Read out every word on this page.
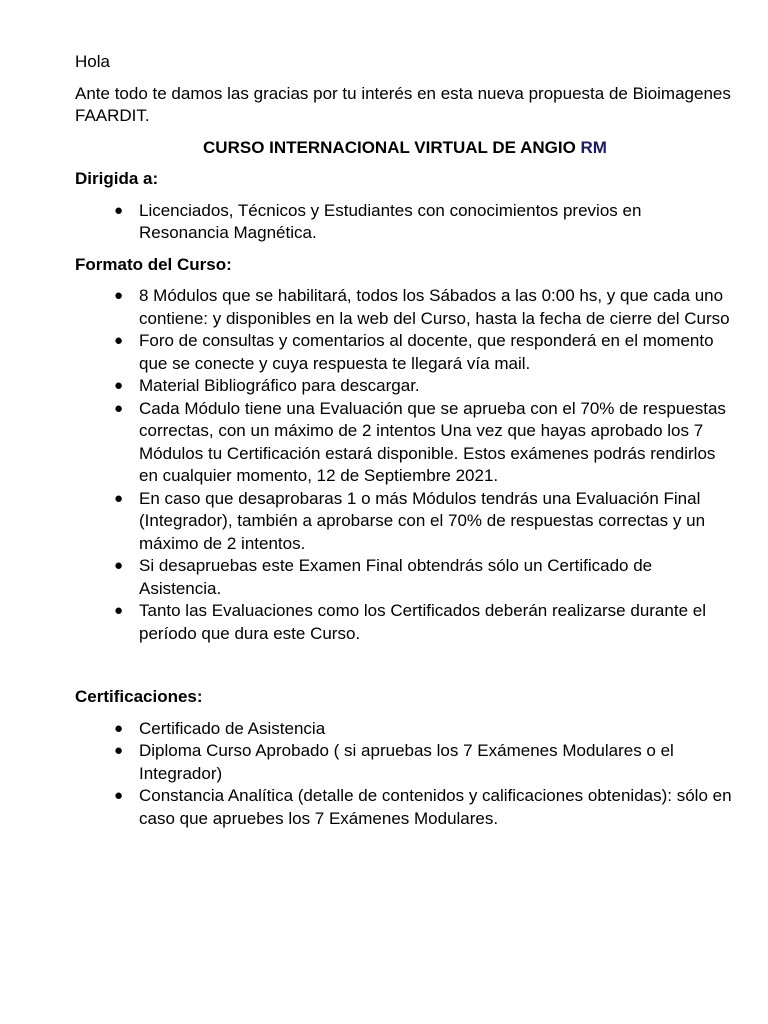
Hola

Ante todo te damos las gracias por tu interés en esta nueva propuesta de Bioimagenes FAARDIT.

CURSO INTERNACIONAL VIRTUAL DE ANGIO RM

Dirigida a:

● Licenciados, Técnicos y Estudiantes con conocimientos previos en Resonancia Magnética.

Formato del Curso:

● 8 Módulos que se habilitará, todos los Sábados a las 0:00 hs, y que cada uno contiene: y disponibles en la web del Curso, hasta la fecha de cierre del Curso
● Foro de consultas y comentarios al docente, que responderá en el momento que se conecte y cuya respuesta te llegará vía mail.
● Material Bibliográfico para descargar.
● Cada Módulo tiene una Evaluación que se aprueba con el 70% de respuestas correctas, con un máximo de 2 intentos Una vez que hayas aprobado los 7 Módulos tu Certificación estará disponible. Estos exámenes podrás rendirlos en cualquier momento, 12 de Septiembre 2021.
● En caso que desaprobaras 1 o más Módulos tendrás una Evaluación Final (Integrador), también a aprobarse con el 70% de respuestas correctas y un máximo de 2 intentos.
● Si desapruebas este Examen Final obtendrás sólo un Certificado de Asistencia.
● Tanto las Evaluaciones como los Certificados deberán realizarse durante el período que dura este Curso.

Certificaciones:

● Certificado de Asistencia
● Diploma Curso Aprobado ( si apruebas los 7 Exámenes Modulares o el Integrador)
● Constancia Analítica (detalle de contenidos y calificaciones obtenidas): sólo en caso que apruebes los 7 Exámenes Modulares.
